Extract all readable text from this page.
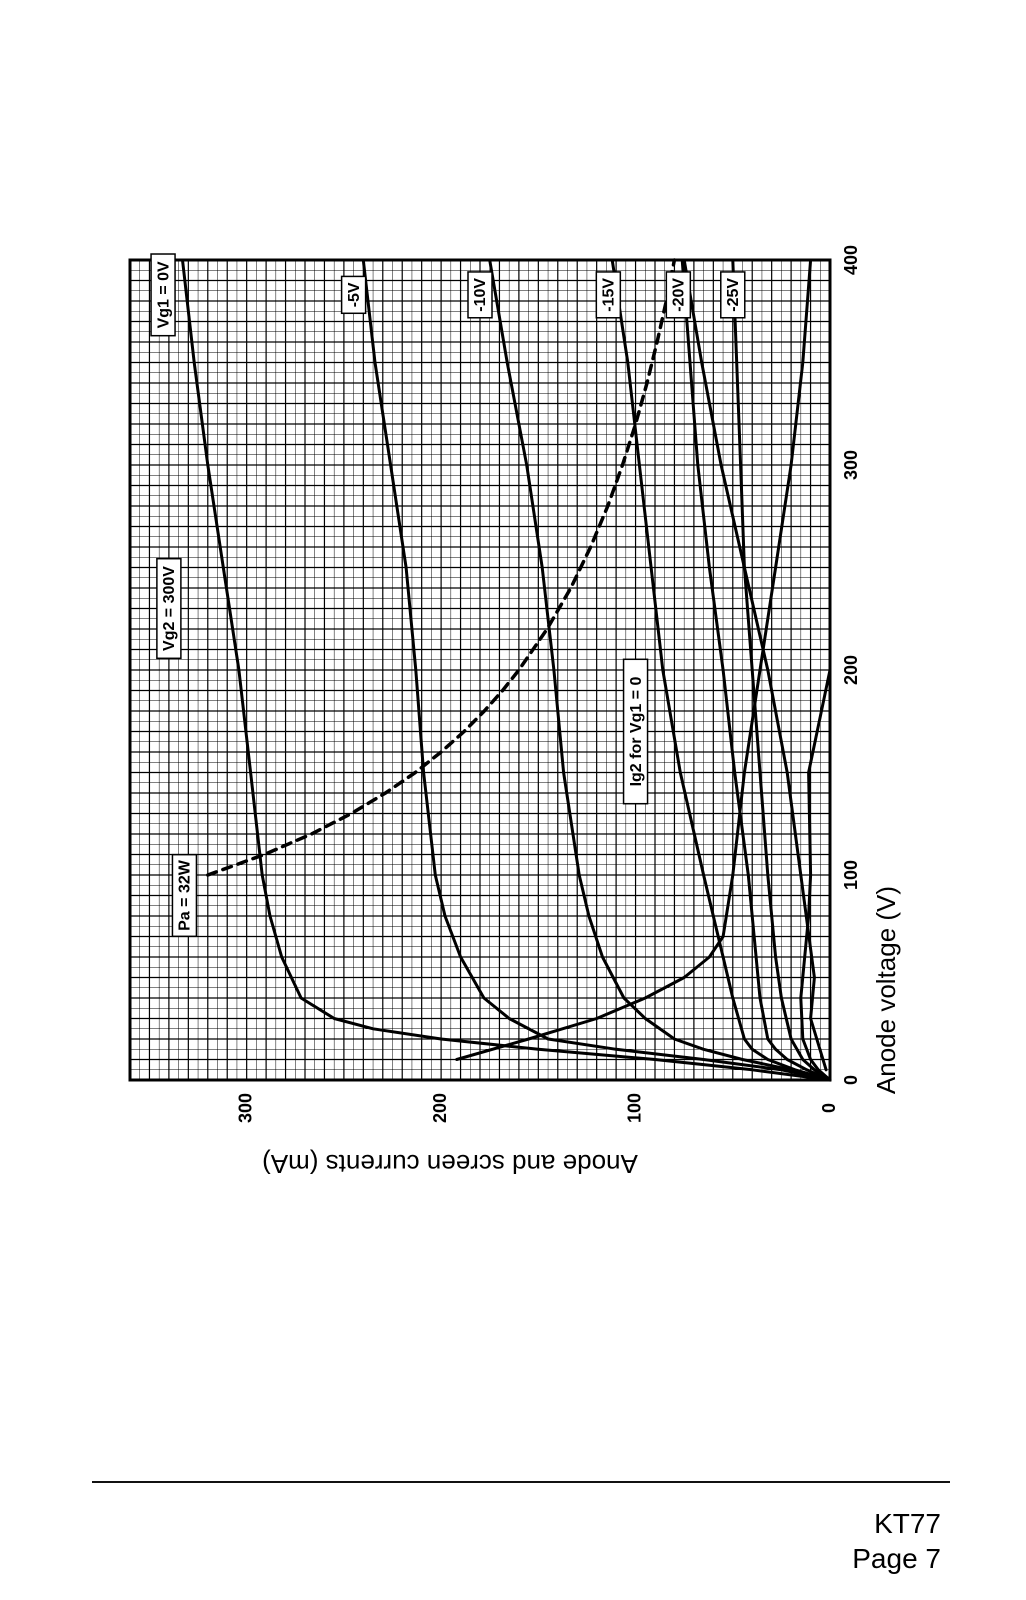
0
100
200
300
400
0
100
200
300
Vg1 = 0V	-5V	-10V	-15V	-20V -25V
Vg2 = 300V
Pa = 32W
Ig2 for Vg1 = 0
Anode voltage (V)
Anode and screen currents (mA)
KT77
Page 7
